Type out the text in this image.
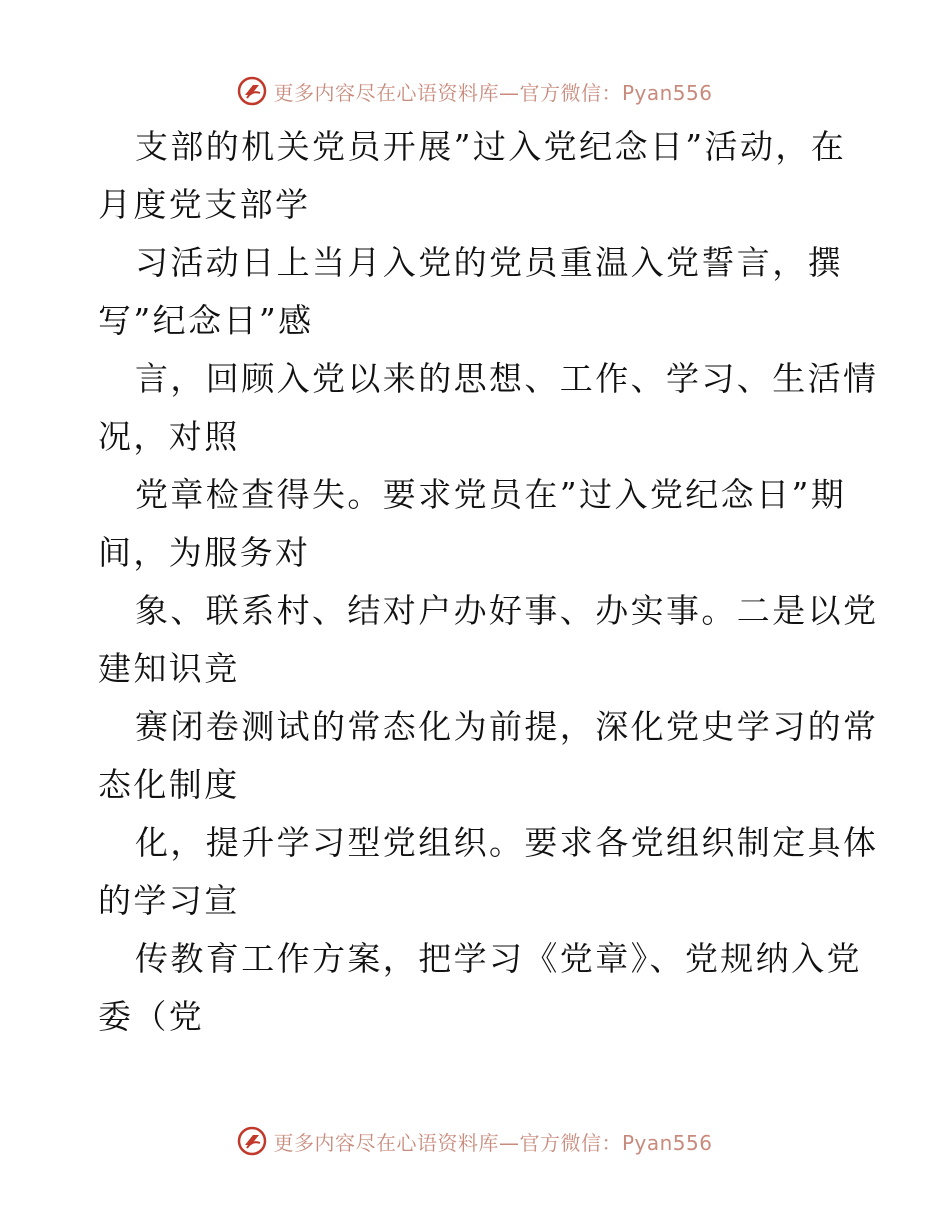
更多内容尽在心语资料库—官方微信：Pyan556
支部的机关党员开展”过入党纪念日”活动，在
月度党支部学
习活动日上当月入党的党员重温入党誓言，撰
写”纪念日”感
言，回顾入党以来的思想、工作、学习、生活情
况，对照
党章检查得失。要求党员在”过入党纪念日”期
间，为服务对
象、联系村、结对户办好事、办实事。二是以党
建知识竞
赛闭卷测试的常态化为前提，深化党史学习的常
态化制度
化，提升学习型党组织。要求各党组织制定具体
的学习宣
传教育工作方案，把学习《党章》、党规纳入党
委（党
更多内容尽在心语资料库—官方微信：Pyan556
